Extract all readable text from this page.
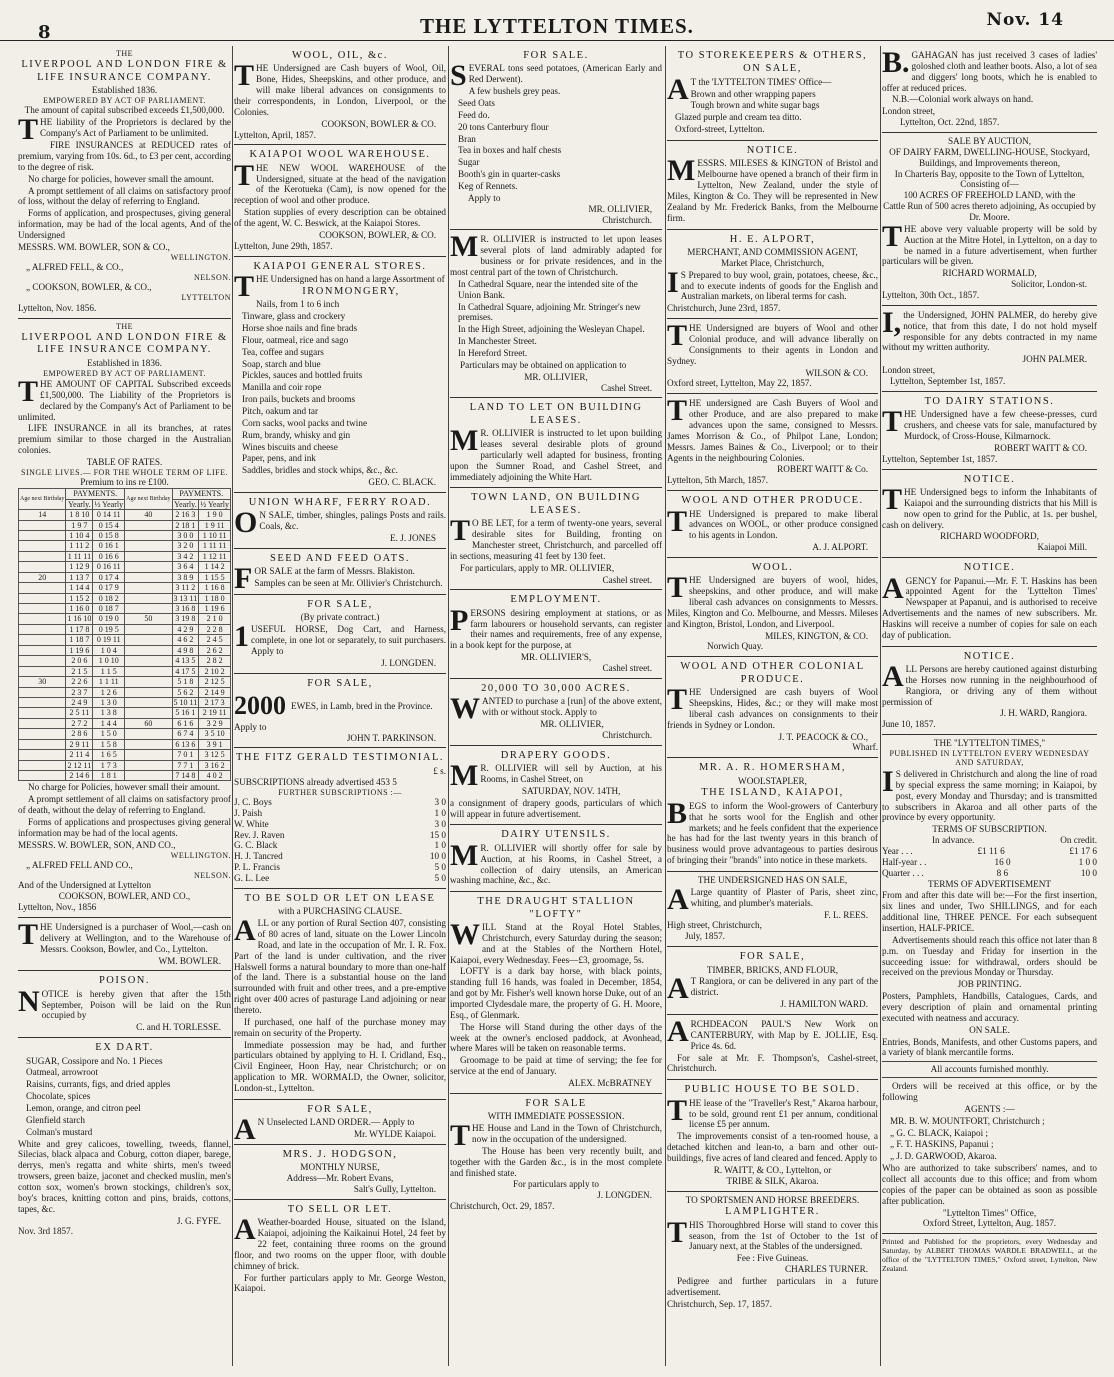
8	THE LYTTELTON TIMES.	Nov. 14
THE
LIVERPOOL AND LONDON FIRE & LIFE INSURANCE COMPANY.
Established 1836.
EMPOWERED BY ACT OF PARLIAMENT.
The amount of capital subscribed exceeds £1,500,000.

THE liability of the Proprietors is declared by the Company's Act of Parliament to be unlimited.

FIRE INSURANCES at REDUCED rates of premium, varying from 10s. 6d., to £3 per cent, according to the degree of risk.

No charge for policies, however small the amount.

A prompt settlement of all claims on satisfactory proof of loss, without the delay of referring to England.

Forms of application, and prospectuses, giving general information, may be had of the local agents, And of the Undersigned

MESSRS. WM. BOWLER, SON & CO.,
WELLINGTON.
„ ALFRED FELL, & CO.,
NELSON.
„ COOKSON, BOWLER, & CO.,
LYTTELTON
Lyttelton, Nov. 1856.
THE
LIVERPOOL AND LONDON FIRE & LIFE INSURANCE COMPANY.
Established in 1836.
EMPOWERED BY ACT OF PARLIAMENT.

THE AMOUNT OF CAPITAL Subscribed exceeds £1,500,000. The Liability of the Proprietors is declared by the Company's Act of Parliament to be unlimited.

LIFE INSURANCE in all its branches, at rates premium similar to those charged in the Australian colonies.

TABLE OF RATES.
SINGLE LIVES.— FOR THE WHOLE TERM OF LIFE.
Premium to ins re £100.
Age next Birthday	PAYMENTS.		Age next Birthday	PAYMENTS.	
	Yearly.	½ Yearly		Yearly.	½ Yearly
14	1 8 10	0 14 11	40	2 16 3	1 9 0
	1 9 7	0 15 4		2 18 1	1 9 11
	1 10 4	0 15 8		3 0 0	1 10 11
	1 11 2	0 16 1		3 2 0	1 11 11
	1 11 11	0 16 6		3 4 2	1 12 11
	1 12 9	0 16 11		3 6 4	1 14 2
20	1 13 7	0 17 4		3 8 9	1 15 5
	1 14 4	0 17 9		3 11 2	1 16 8
	1 15 2	0 18 2		3 13 11	1 18 0
	1 16 0	0 18 7		3 16 8	1 19 6
	1 16 10	0 19 0	50	3 19 8	2 1 0
	1 17 8	0 19 5		4 2 9	2 2 8
	1 18 7	0 19 11		4 6 2	2 4 5
	1 19 6	1 0 4		4 9 8	2 6 2
	2 0 6	1 0 10		4 13 5	2 8 2
	2 1 5	1 1 5		4 17 5	2 10 2
30	2 2 6	1 1 11		5 1 8	2 12 5
	2 3 7	1 2 6		5 6 2	2 14 9
	2 4 9	1 3 0		5 10 11	2 17 3
	2 5 11	1 3 8		5 16 1	2 19 11
	2 7 2	1 4 4	60	6 1 6	3 2 9
	2 8 6	1 5 0		6 7 4	3 5 10
	2 9 11	1 5 8		6 13 6	3 9 1
	2 11 4	1 6 5		7 0 1	3 12 5
	2 12 11	1 7 3		7 7 1	3 16 2
	2 14 6	1 8 1		7 14 8	4 0 2

No charge for Policies, however small their amount.

A prompt settlement of all claims on satisfactory proof of death, without the delay of referring to England.

Forms of applications and prospectuses giving general information may be had of the local agents.

MESSRS. W. BOWLER, SON, AND CO.,
WELLINGTON.
„ ALFRED FELL AND CO.,
NELSON.
And of the Undersigned at Lyttelton
COOKSON, BOWLER, AND CO.,
Lyttelton, Nov., 1856

THE Undersigned is a purchaser of Wool,—cash on delivery at Wellington, and to the Warehouse of Messrs. Cookson, Bowler, and Co., Lyttelton.

WM. BOWLER.
POISON.

NOTICE is hereby given that after the 15th September, Poison will be laid on the Run occupied by

C. and H. TORLESSE.
EX DART.
SUGAR, Cossipore and No. 1 Pieces
Oatmeal, arrowroot
Raisins, currants, figs, and dried apples
Chocolate, spices
Lemon, orange, and citron peel
Glenfield starch
Colman's mustard

White and grey calicoes, towelling, tweeds, flannel, Silecias, black alpaca and Coburg, cotton diaper, barege, derrys, men's regatta and white shirts, men's tweed trowsers, green baize, jaconet and checked muslin, men's cotton sox, women's brown stockings, children's sox, boy's braces, knitting cotton and pins, braids, cottons, tapes, &c.

J. G. FYFE.
Nov. 3rd 1857.
WOOL, OIL, &c.

THE Undersigned are Cash buyers of Wool, Oil, Bone, Hides, Sheepskins, and other produce, and will make liberal advances on consignments to their correspondents, in London, Liverpool, or the Colonies.

COOKSON, BOWLER & CO.
Lyttelton, April, 1857.
KAIAPOI WOOL WAREHOUSE.

THE NEW WOOL WAREHOUSE of the Undersigned, situate at the head of the navigation of the Kerotueka (Cam), is now opened for the reception of wool and other produce.

Station supplies of every description can be obtained of the agent, W. C. Beswick, at the Kaiapoi Stores.

COOKSON, BOWLER, & CO.
Lyttelton, June 29th, 1857.
KAIAPOI GENERAL STORES.

THE Undersigned has on hand a large Assortment of

IRONMONGERY,
Nails, from 1 to 6 inch
Tinware, glass and crockery
Horse shoe nails and fine brads
Flour, oatmeal, rice and sago
Tea, coffee and sugars
Soap, starch and blue
Pickles, sauces and bottled fruits
Manilla and coir rope
Iron pails, buckets and brooms
Pitch, oakum and tar
Corn sacks, wool packs and twine
Rum, brandy, whisky and gin
Wines biscuits and cheese
Paper, pens, and ink
Saddles, bridles and stock whips, &c., &c.
GEO. C. BLACK.
UNION WHARF, FERRY ROAD.

ON SALE, timber, shingles, palings Posts and rails. Coals, &c.

E. J. JONES
SEED AND FEED OATS.

FOR SALE at the farm of Messrs. Blakiston.

Samples can be seen at Mr. Ollivier's Christchurch.

FOR SALE,
(By private contract.)

1USEFUL HORSE, Dog Cart, and Harness, complete, in one lot or separately, to suit purchasers. Apply to

J. LONGDEN.
FOR SALE,
2000 EWES, in Lamb, bred in the Province.
Apply to
JOHN T. PARKINSON.
THE FITZ GERALD TESTIMONIAL.
£ s.
SUBSCRIPTIONS already advertised 453 5
FURTHER SUBSCRIPTIONS :—
J. C. Boys	3 0
J. Paish	1 0
W. White	3 0
Rev. J. Raven	15 0
G. C. Black	1 0
H. J. Tancred	10 0
P. L. Francis	5 0
G. L. Lee	5 0
TO BE SOLD OR LET ON LEASE
with a PURCHASING CLAUSE.

ALL or any portion of Rural Section 407, consisting of 80 acres of land, situate on the Lower Lincoln Road, and late in the occupation of Mr. I. R. Fox. Part of the land is under cultivation, and the river Halswell forms a natural boundary to more than one-half of the land. There is a substantial house on the land surrounded with fruit and other trees, and a pre-emptive right over 400 acres of pasturage Land adjoining or near thereto.

If purchased, one half of the purchase money may remain on security of the Property.

Immediate possession may be had, and further particulars obtained by applying to H. I. Cridland, Esq., Civil Engineer, Hoon Hay, near Christchurch; or on application to MR. WORMALD, the Owner, solicitor, London-st., Lyttelton.

FOR SALE,

AN Unselected LAND ORDER.— Apply to

Mr. WYLDE Kaiapoi.
MRS. J. HODGSON,
MONTHLY NURSE,
Address—Mr. Robert Evans,
Salt's Gully, Lyttelton.
TO SELL OR LET.

AWeather-boarded House, situated on the Island, Kaiapoi, adjoining the Kaikainui Hotel, 24 feet by 22 feet, containing three rooms on the ground floor, and two rooms on the upper floor, with double chimney of brick.

For further particulars apply to Mr. George Weston, Kaiapoi.

FOR SALE.

SEVERAL tons seed potatoes, (American Early and Red Derwent).

A few bushels grey peas.
Seed Oats
Feed do.
20 tons Canterbury flour
Bran
Tea in boxes and half chests
Sugar
Booth's gin in quarter-casks
Keg of Rennets.
Apply to
MR. OLLIVIER,
Christchurch.

MR. OLLIVIER is instructed to let upon leases several plots of land admirably adapted for business or for private residences, and in the most central part of the town of Christchurch.

In Cathedral Square, near the intended site of the Union Bank.
In Cathedral Square, adjoining Mr. Stringer's new premises.
In the High Street, adjoining the Wesleyan Chapel.
In Manchester Street.
In Hereford Street.

Particulars may be obtained on application to

MR. OLLIVIER,
Cashel Street.
LAND TO LET ON BUILDING LEASES.

MR. OLLIVIER is instructed to let upon building leases several desirable plots of ground particularly well adapted for business, fronting upon the Sumner Road, and Cashel Street, and immediately adjoining the White Hart.

TOWN LAND, ON BUILDING LEASES.

TO BE LET, for a term of twenty-one years, several desirable sites for Building, fronting on Manchester street, Christchurch, and parcelled off in sections, measuring 41 feet by 130 feet.

For particulars, apply to MR. OLLIVIER,

Cashel street.
EMPLOYMENT.

PERSONS desiring employment at stations, or as farm labourers or household servants, can register their names and requirements, free of any expense, in a book kept for the purpose, at

MR. OLLIVIER'S,
Cashel street.
20,000 TO 30,000 ACRES.

WANTED to purchase a [run] of the above extent, with or without stock. Apply to

MR. OLLIVIER,
Christchurch.
DRAPERY GOODS.

MR. OLLIVIER will sell by Auction, at his Rooms, in Cashel Street, on

SATURDAY, NOV. 14TH,

a consignment of drapery goods, particulars of which will appear in future advertisement.

DAIRY UTENSILS.

MR. OLLIVIER will shortly offer for sale by Auction, at his Rooms, in Cashel Street, a collection of dairy utensils, an American washing machine, &c., &c.

THE DRAUGHT STALLION "LOFTY"

WILL Stand at the Royal Hotel Stables, Christchurch, every Saturday during the season; and at the Stables of the Northern Hotel, Kaiapoi, every Wednesday. Fees—£3, groomage, 5s.

LOFTY is a dark bay horse, with black points, standing full 16 hands, was foaled in December, 1854, and got by Mr. Fisher's well known horse Duke, out of an imported Clydesdale mare, the property of G. H. Moore, Esq., of Glenmark.

The Horse will Stand during the other days of the week at the owner's enclosed paddock, at Avonhead, where Mares will be taken on reasonable terms.

Groomage to be paid at time of serving; the fee for service at the end of January.

ALEX. McBRATNEY
FOR SALE
WITH IMMEDIATE POSSESSION.

THE House and Land in the Town of Christchurch, now in the occupation of the undersigned.

The House has been very recently built, and together with the Garden &c., is in the most complete and finished state.

For particulars apply to
J. LONGDEN.
Christchurch, Oct. 29, 1857.
TO STOREKEEPERS & OTHERS,
ON SALE,

AT the 'LYTTELTON TIMES' Office—

Brown and other wrapping papers
Tough brown and white sugar bags
Glazed purple and cream tea ditto.
Oxford-street, Lyttelton.
NOTICE.

MESSRS. MILESES & KINGTON of Bristol and Melbourne have opened a branch of their firm in Lyttelton, New Zealand, under the style of Miles, Kington & Co. They will be represented in New Zealand by Mr. Frederick Banks, from the Melbourne firm.

H. E. ALPORT,
MERCHANT, AND COMMISSION AGENT,
Market Place, Christchurch,

IS Prepared to buy wool, grain, potatoes, cheese, &c., and to execute indents of goods for the English and Australian markets, on liberal terms for cash.

Christchurch, June 23rd, 1857.

THE Undersigned are buyers of Wool and other Colonial produce, and will advance liberally on Consignments to their agents in London and Sydney.

WILSON & CO.
Oxford street, Lyttelton, May 22, 1857.

THE undersigned are Cash Buyers of Wool and other Produce, and are also prepared to make advances upon the same, consigned to Messrs. James Morrison & Co., of Philpot Lane, London; Messrs. James Baines & Co., Liverpool; or to their Agents in the neighbouring Colonies.

ROBERT WAITT & Co.
Lyttelton, 5th March, 1857.
WOOL AND OTHER PRODUCE.

THE Undersigned is prepared to make liberal advances on WOOL, or other produce consigned to his agents in London.

A. J. ALPORT.
WOOL.

THE Undersigned are buyers of wool, hides, sheepskins, and other produce, and will make liberal cash advances on consignments to Messrs. Miles, Kington and Co. Melbourne, and Messrs. Mileses and Kington, Bristol, London, and Liverpool.

MILES, KINGTON, & CO.
Norwich Quay.
WOOL AND OTHER COLONIAL PRODUCE.

THE Undersigned are cash buyers of Wool Sheepskins, Hides, &c.; or they will make most liberal cash advances on consignments to their friends in Sydney or London.

J. T. PEACOCK & CO.,
Wharf.
MR. A. R. HOMERSHAM,
WOOLSTAPLER,
THE ISLAND, KAIAPOI,

BEGS to inform the Wool-growers of Canterbury that he sorts wool for the English and other markets; and he feels confident that the experience he has had for the last twenty years in this branch of business would prove advantageous to parties desirous of bringing their "brands" into notice in these markets.

THE UNDERSIGNED HAS ON SALE,

ALarge quantity of Plaster of Paris, sheet zinc, whiting, and plumber's materials.

F. L. REES.
High street, Christchurch,
July, 1857.
FOR SALE,
TIMBER, BRICKS, AND FLOUR,

AT Rangiora, or can be delivered in any part of the district.

J. HAMILTON WARD.

ARCHDEACON PAUL'S New Work on CANTERBURY, with Map by E. JOLLIE, Esq. Price 4s. 6d.

For sale at Mr. F. Thompson's, Cashel-street, Christchurch.

PUBLIC HOUSE TO BE SOLD.

THE lease of the "Traveller's Rest," Akaroa harbour, to be sold, ground rent £1 per annum, conditional license £5 per annum.

The improvements consist of a ten-roomed house, a detached kitchen and lean-to, a barn and other out-buildings, five acres of land cleared and fenced. Apply to

R. WAITT, & CO., Lyttelton, or
TRIBE & SILK, Akaroa.
TO SPORTSMEN AND HORSE BREEDERS.
LAMPLIGHTER.

THIS Thoroughbred Horse will stand to cover this season, from the 1st of October to the 1st of January next, at the Stables of the undersigned.

Fee : Five Guineas.
CHARLES TURNER.

Pedigree and further particulars in a future advertisement.

Christchurch, Sep. 17, 1857.

B.GAHAGAN has just received 3 cases of ladies' goloshed cloth and leather boots. Also, a lot of sea and diggers' long boots, which he is enabled to offer at reduced prices.

N.B.—Colonial work always on hand.

London street,
Lyttelton, Oct. 22nd, 1857.
SALE BY AUCTION,
OF DAIRY FARM, DWELLING-HOUSE, Stockyard, Buildings, and Improvements thereon,
In Charteris Bay, opposite to the Town of Lyttelton, Consisting of—
100 ACRES OF FREEHOLD LAND, with the
Cattle Run of 500 acres thereto adjoining, As occupied by Dr. Moore.

THE above very valuable property will be sold by Auction at the Mitre Hotel, in Lyttelton, on a day to be named in a future advertisement, when further particulars will be given.

RICHARD WORMALD,
Solicitor, London-st.
Lyttelton, 30th Oct., 1857.

I,the Undersigned, JOHN PALMER, do hereby give notice, that from this date, I do not hold myself responsible for any debts contracted in my name without my written authority.

JOHN PALMER.
London street,
Lyttelton, September 1st, 1857.
TO DAIRY STATIONS.

THE Undersigned have a few cheese-presses, curd crushers, and cheese vats for sale, manufactured by Murdock, of Cross-House, Kilmarnock.

ROBERT WAITT & CO.
Lyttelton, September 1st, 1857.
NOTICE.

THE Undersigned begs to inform the Inhabitants of Kaiapoi and the surrounding districts that his Mill is now open to grind for the Public, at 1s. per bushel, cash on delivery.

RICHARD WOODFORD,
Kaiapoi Mill.
NOTICE.

AGENCY for Papanui.—Mr. F. T. Haskins has been appointed Agent for the 'Lyttelton Times' Newspaper at Papanui, and is authorised to receive Advertisements and the names of new subscribers. Mr. Haskins will receive a number of copies for sale on each day of publication.

NOTICE.

ALL Persons are hereby cautioned against disturbing the Horses now running in the neighbourhood of Rangiora, or driving any of them without permission of

J. H. WARD, Rangiora.
June 10, 1857.
THE "LYTTELTON TIMES,"
PUBLISHED IN LYTTELTON EVERY WEDNESDAY AND SATURDAY,

IS delivered in Christchurch and along the line of road by special express the same morning; in Kaiapoi, by post, every Monday and Thursday; and is transmitted to subscribers in Akaroa and all other parts of the province by every opportunity.

TERMS OF SUBSCRIPTION.
In advance.	On credit.
Year . . .	£1 11 6	£1 17 6
Half-year . .	16 0	1 0 0
Quarter . . .	8 6	10 0
TERMS OF ADVERTISEMENT

From and after this date will be:—For the first insertion, six lines and under, Two SHILLINGS, and for each additional line, THREE PENCE. For each subsequent insertion, HALF-PRICE.

Advertisements should reach this office not later than 8 p.m. on Tuesday and Friday for insertion in the succeeding issue: for withdrawal, orders should be received on the previous Monday or Thursday.

JOB PRINTING.

Posters, Pamphlets, Handbills, Catalogues, Cards, and every description of plain and ornamental printing executed with neatness and accuracy.

ON SALE.

Entries, Bonds, Manifests, and other Customs papers, and a variety of blank mercantile forms.

All accounts furnished monthly.

Orders will be received at this office, or by the following

AGENTS :—
MR. B. W. MOUNTFORT, Christchurch ;
„ G. C. BLACK, Kaiapoi ;
„ F. T. HASKINS, Papanui ;
„ J. D. GARWOOD, Akaroa.

Who are authorized to take subscribers' names, and to collect all accounts due to this office; and from whom copies of the paper can be obtained as soon as possible after publication.

"Lyttelton Times" Office,
Oxford Street, Lyttelton, Aug. 1857.

Printed and Published for the proprietors, every Wednesday and Saturday, by ALBERT THOMAS WARDLE BRADWELL, at the office of the "LYTTELTON TIMES," Oxford street, Lyttelton, New Zealand.
